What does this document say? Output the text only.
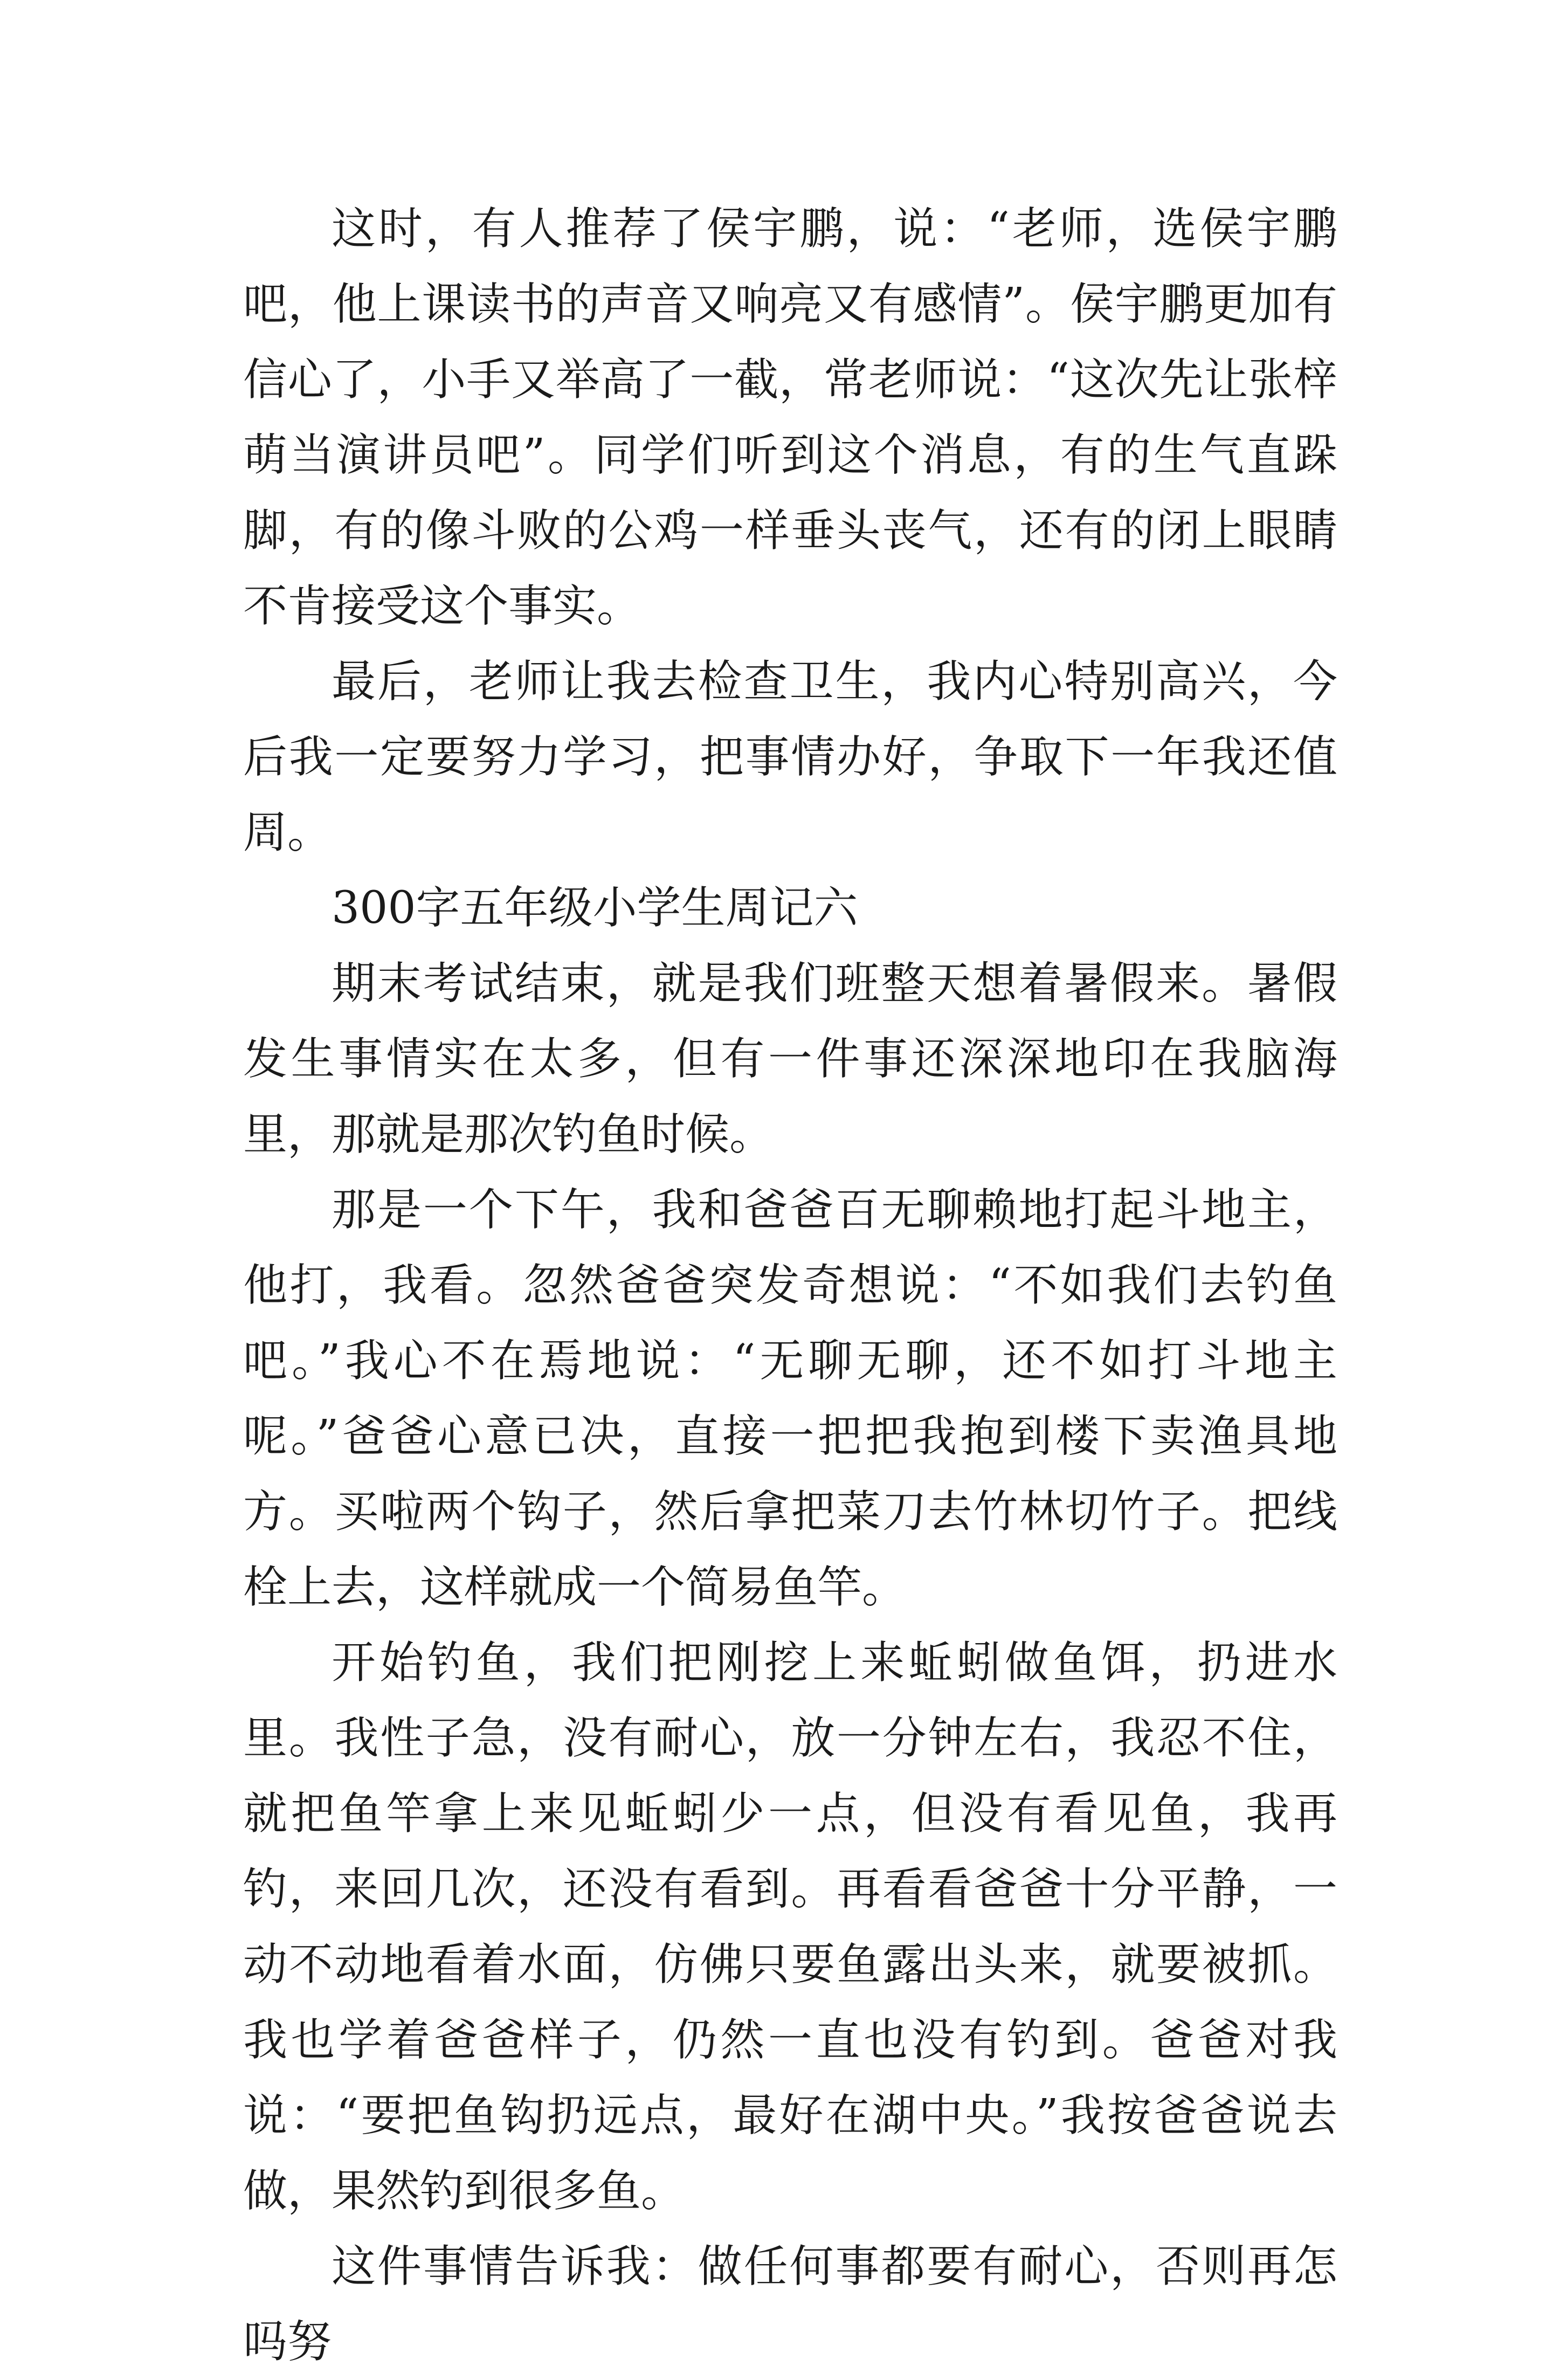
这时，有人推荐了侯宇鹏，说：“老师，选侯宇鹏吧，他上课读书的声音又响亮又有感情”。侯宇鹏更加有信心了，小手又举高了一截，常老师说：“这次先让张梓萌当演讲员吧”。同学们听到这个消息，有的生气直跺脚，有的像斗败的公鸡一样垂头丧气，还有的闭上眼睛不肯接受这个事实。

最后，老师让我去检查卫生，我内心特别高兴，今后我一定要努力学习，把事情办好，争取下一年我还值周。

300字五年级小学生周记六

期末考试结束，就是我们班整天想着暑假来。暑假发生事情实在太多，但有一件事还深深地印在我脑海里，那就是那次钓鱼时候。

那是一个下午，我和爸爸百无聊赖地打起斗地主，他打，我看。忽然爸爸突发奇想说：“不如我们去钓鱼吧。”我心不在焉地说：“无聊无聊，还不如打斗地主呢。”爸爸心意已决，直接一把把我抱到楼下卖渔具地方。买啦两个钩子，然后拿把菜刀去竹林切竹子。把线栓上去，这样就成一个简易鱼竿。

开始钓鱼，我们把刚挖上来蚯蚓做鱼饵，扔进水里。我性子急，没有耐心，放一分钟左右，我忍不住，就把鱼竿拿上来见蚯蚓少一点，但没有看见鱼，我再钓，来回几次，还没有看到。再看看爸爸十分平静，一动不动地看着水面，仿佛只要鱼露出头来，就要被抓。我也学着爸爸样子，仍然一直也没有钓到。爸爸对我说：“要把鱼钩扔远点，最好在湖中央。”我按爸爸说去做，果然钓到很多鱼。

这件事情告诉我：做任何事都要有耐心，否则再怎吗努
